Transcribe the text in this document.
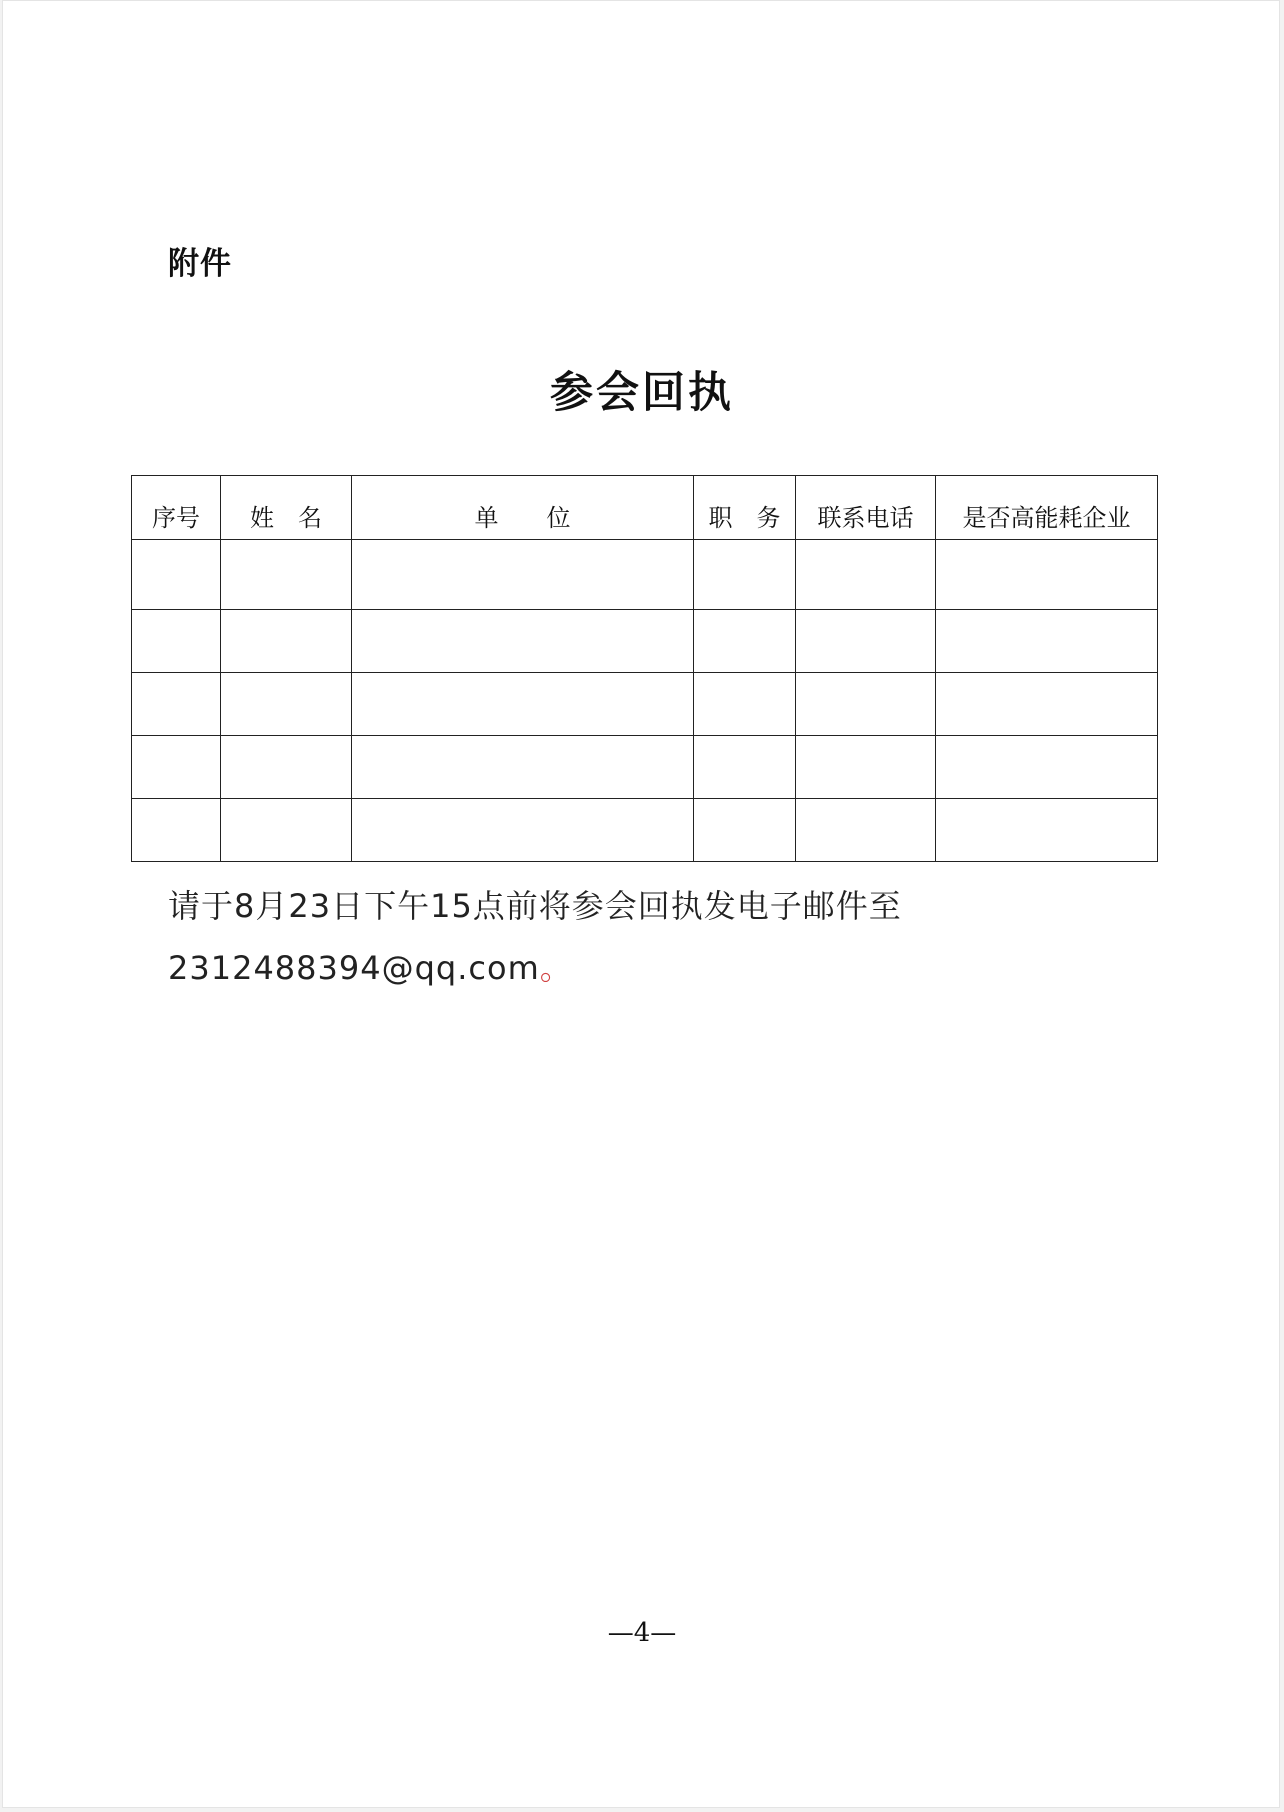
附件
参会回执
序号	姓　名	单　　位	职　务	联系电话	是否高能耗企业

请于8月23日下午15点前将参会回执发电子邮件至
2312488394@qq.com。
—4—
